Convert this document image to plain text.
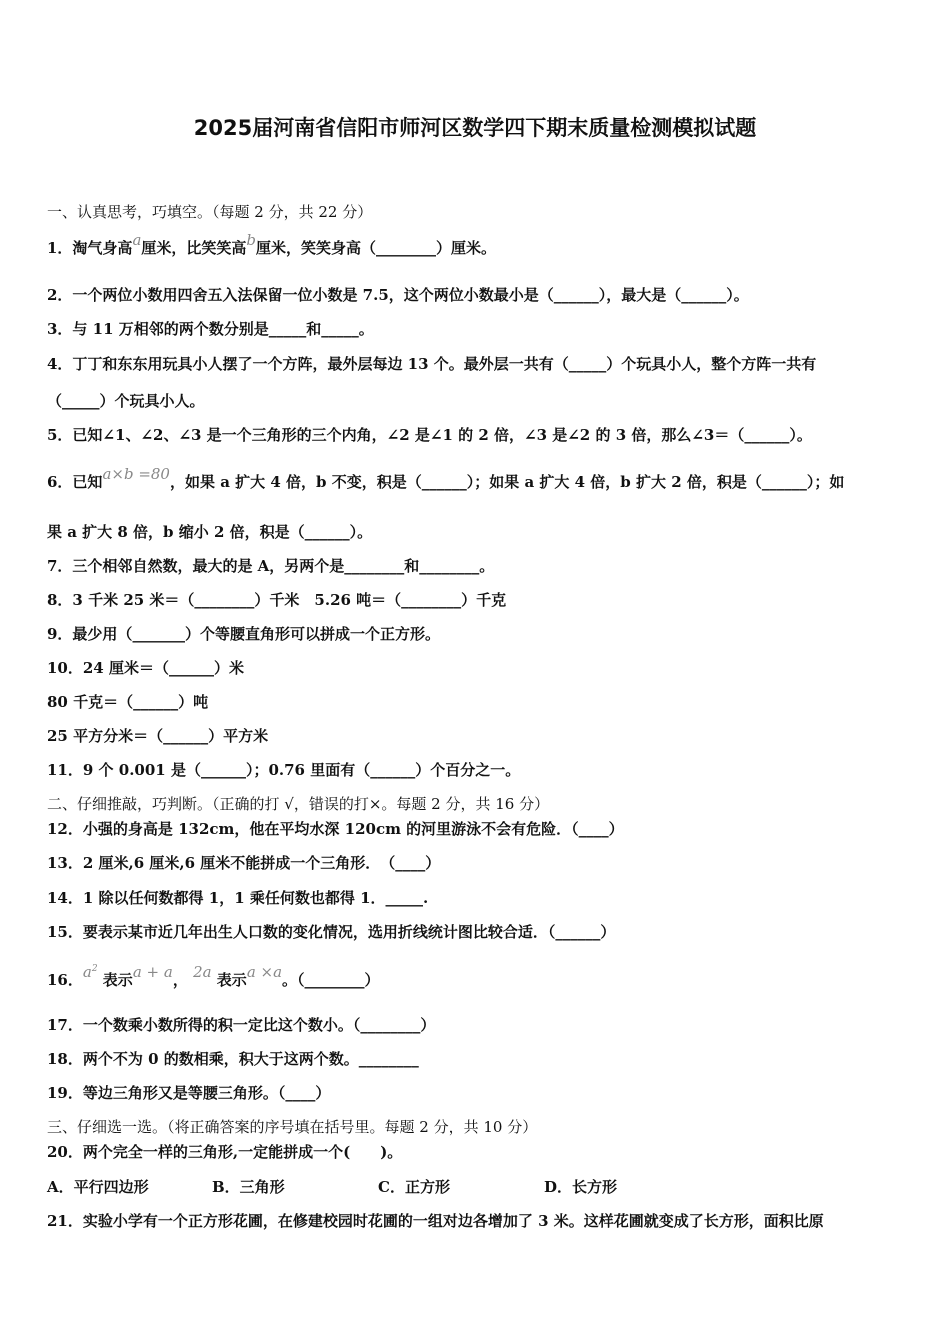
2025届河南省信阳市师河区数学四下期末质量检测模拟试题
一、认真思考，巧填空。（每题 2 分，共 22 分）
1．淘气身高a厘米，比笑笑高b厘米，笑笑身高（________）厘米。
2．一个两位小数用四舍五入法保留一位小数是 7.5，这个两位小数最小是（______），最大是（______）。
3．与 11 万相邻的两个数分别是_____和_____。
4．丁丁和东东用玩具小人摆了一个方阵，最外层每边 13 个。最外层一共有（_____）个玩具小人，整个方阵一共有
（_____）个玩具小人。
5．已知∠1、∠2、∠3 是一个三角形的三个内角，∠2 是∠1 的 2 倍，∠3 是∠2 的 3 倍，那么∠3＝（______）。
6．已知a×b =80，如果 a 扩大 4 倍，b 不变，积是（______）；如果 a 扩大 4 倍，b 扩大 2 倍，积是（______）；如
果 a 扩大 8 倍，b 缩小 2 倍，积是（______）。
7．三个相邻自然数，最大的是 A，另两个是________和________。
8．3 千米 25 米＝（________）千米　5.26 吨＝（________）千克
9．最少用（_______）个等腰直角形可以拼成一个正方形。
10．24 厘米＝（______）米
80 千克＝（______）吨
25 平方分米＝（______）平方米
11．9 个 0.001 是（______）；0.76 里面有（______）个百分之一。
二、仔细推敲，巧判断。（正确的打 √，错误的打×。每题 2 分，共 16 分）
12．小强的身高是 132cm，他在平均水深 120cm 的河里游泳不会有危险．（____）
13．2 厘米,6 厘米,6 厘米不能拼成一个三角形．　（____）
14．1 除以任何数都得 1，1 乘任何数也都得 1．_____.
15．要表示某市近几年出生人口数的变化情况，选用折线统计图比较合适．（______）
16．$a^2$ 表示a + a， 2a 表示a ×a。（________）
17．一个数乘小数所得的积一定比这个数小。（________）
18．两个不为 0 的数相乘，积大于这两个数。________
19．等边三角形又是等腰三角形。（____）
三、仔细选一选。（将正确答案的序号填在括号里。每题 2 分，共 10 分）
20．两个完全一样的三角形,一定能拼成一个(　　)。
A．平行四边形	B．三角形	C．正方形	D．长方形
21．实验小学有一个正方形花圃，在修建校园时花圃的一组对边各增加了 3 米。这样花圃就变成了长方形，面积比原
